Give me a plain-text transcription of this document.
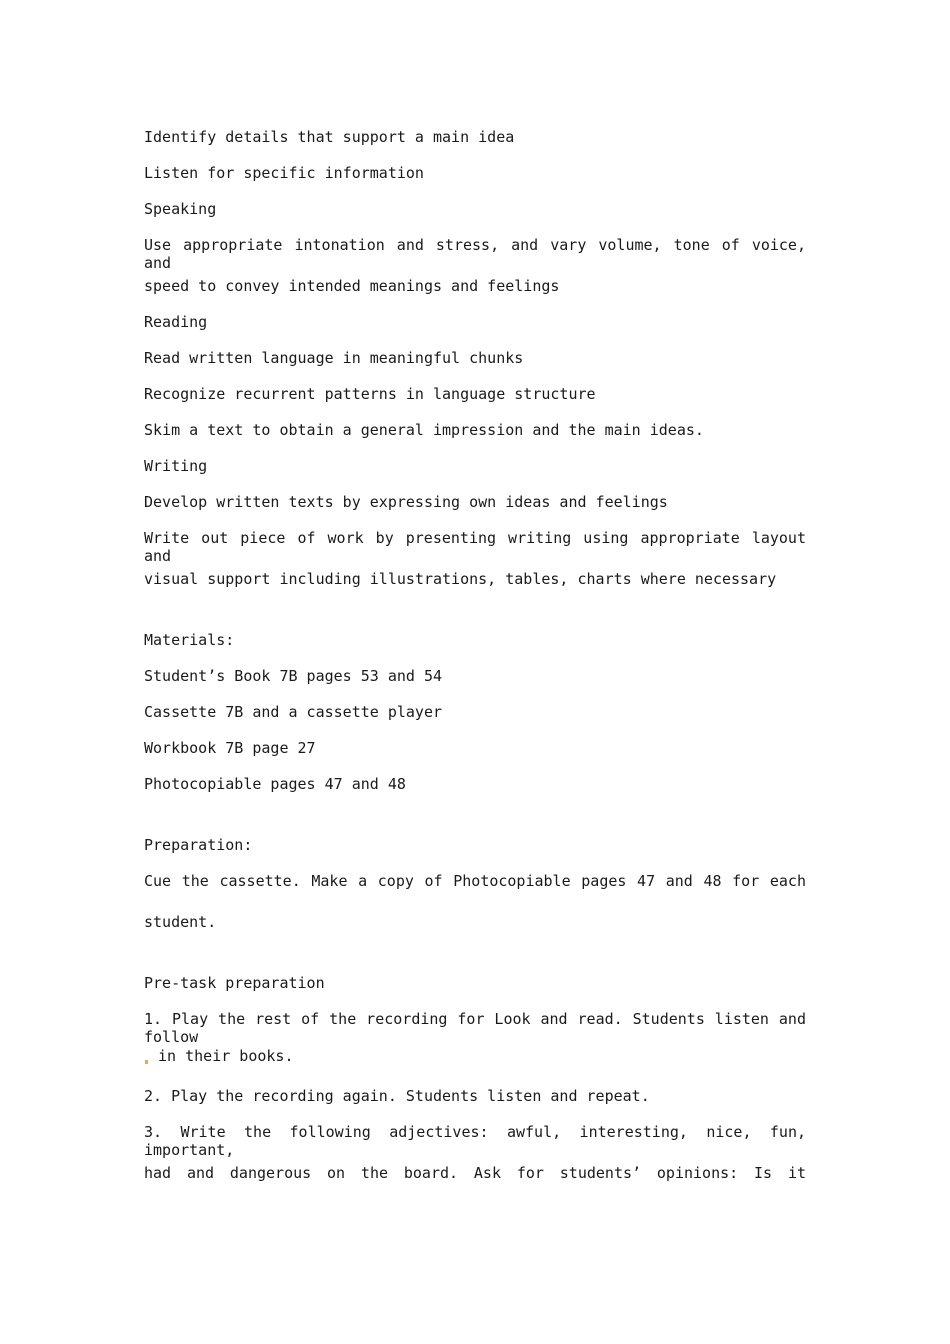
Identify details that support a main idea
Listen for specific information
Speaking
Use appropriate intonation and stress, and vary volume, tone of voice, and
speed to convey intended meanings and feelings
Reading
Read written language in meaningful chunks
Recognize recurrent patterns in language structure
Skim a text to obtain a general impression and the main ideas.
Writing
Develop written texts by expressing own ideas and feelings
Write out piece of work by presenting writing using appropriate layout and
visual support including illustrations, tables, charts where necessary
Materials:
Student’s Book 7B pages 53 and 54
Cassette 7B and a cassette player
Workbook 7B page 27
Photocopiable pages 47 and 48
Preparation:
Cue the cassette. Make a copy of Photocopiable pages 47 and 48 for each
student.
Pre-task preparation
1. Play the rest of the recording for Look and read. Students listen and follow
in their books.
2. Play the recording again. Students listen and repeat.
3. Write the following adjectives: awful, interesting, nice, fun, important,
had and dangerous on the board. Ask for students’ opinions: Is it
